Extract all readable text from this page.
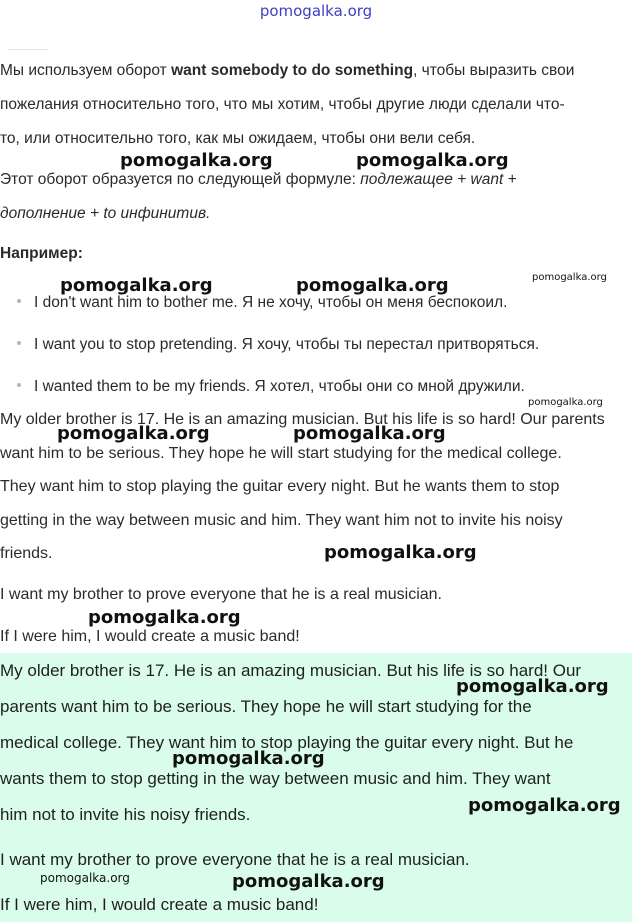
pomogalka.org
Мы используем оборот want somebody to do something, чтобы выразить свои
пожелания относительно того, что мы хотим, чтобы другие люди сделали что-
то, или относительно того, как мы ожидаем, чтобы они вели себя.
Этот оборот образуется по следующей формуле: подлежащее + want +
дополнение + to инфинитив.
Например:
I don't want him to bother me. Я не хочу, чтобы он меня беспокоил.
I want you to stop pretending. Я хочу, чтобы ты перестал притворяться.
I wanted them to be my friends. Я хотел, чтобы они со мной дружили.
My older brother is 17. He is an amazing musician. But his life is so hard! Our parents
want him to be serious. They hope he will start studying for the medical college.
They want him to stop playing the guitar every night. But he wants them to stop
getting in the way between music and him. They want him not to invite his noisy
friends.
I want my brother to prove everyone that he is a real musician.
If I were him, I would create a music band!
My older brother is 17. He is an amazing musician. But his life is so hard! Our
parents want him to be serious. They hope he will start studying for the
medical college. They want him to stop playing the guitar every night. But he
wants them to stop getting in the way between music and him. They want
him not to invite his noisy friends.
I want my brother to prove everyone that he is a real musician.
If I were him, I would create a music band!
pomogalka.org	pomogalka.org
pomogalka.org	pomogalka.org	pomogalka.org
pomogalka.org
pomogalka.org	pomogalka.org
pomogalka.org
pomogalka.org
pomogalka.org
pomogalka.org
pomogalka.org
pomogalka.org	pomogalka.org
